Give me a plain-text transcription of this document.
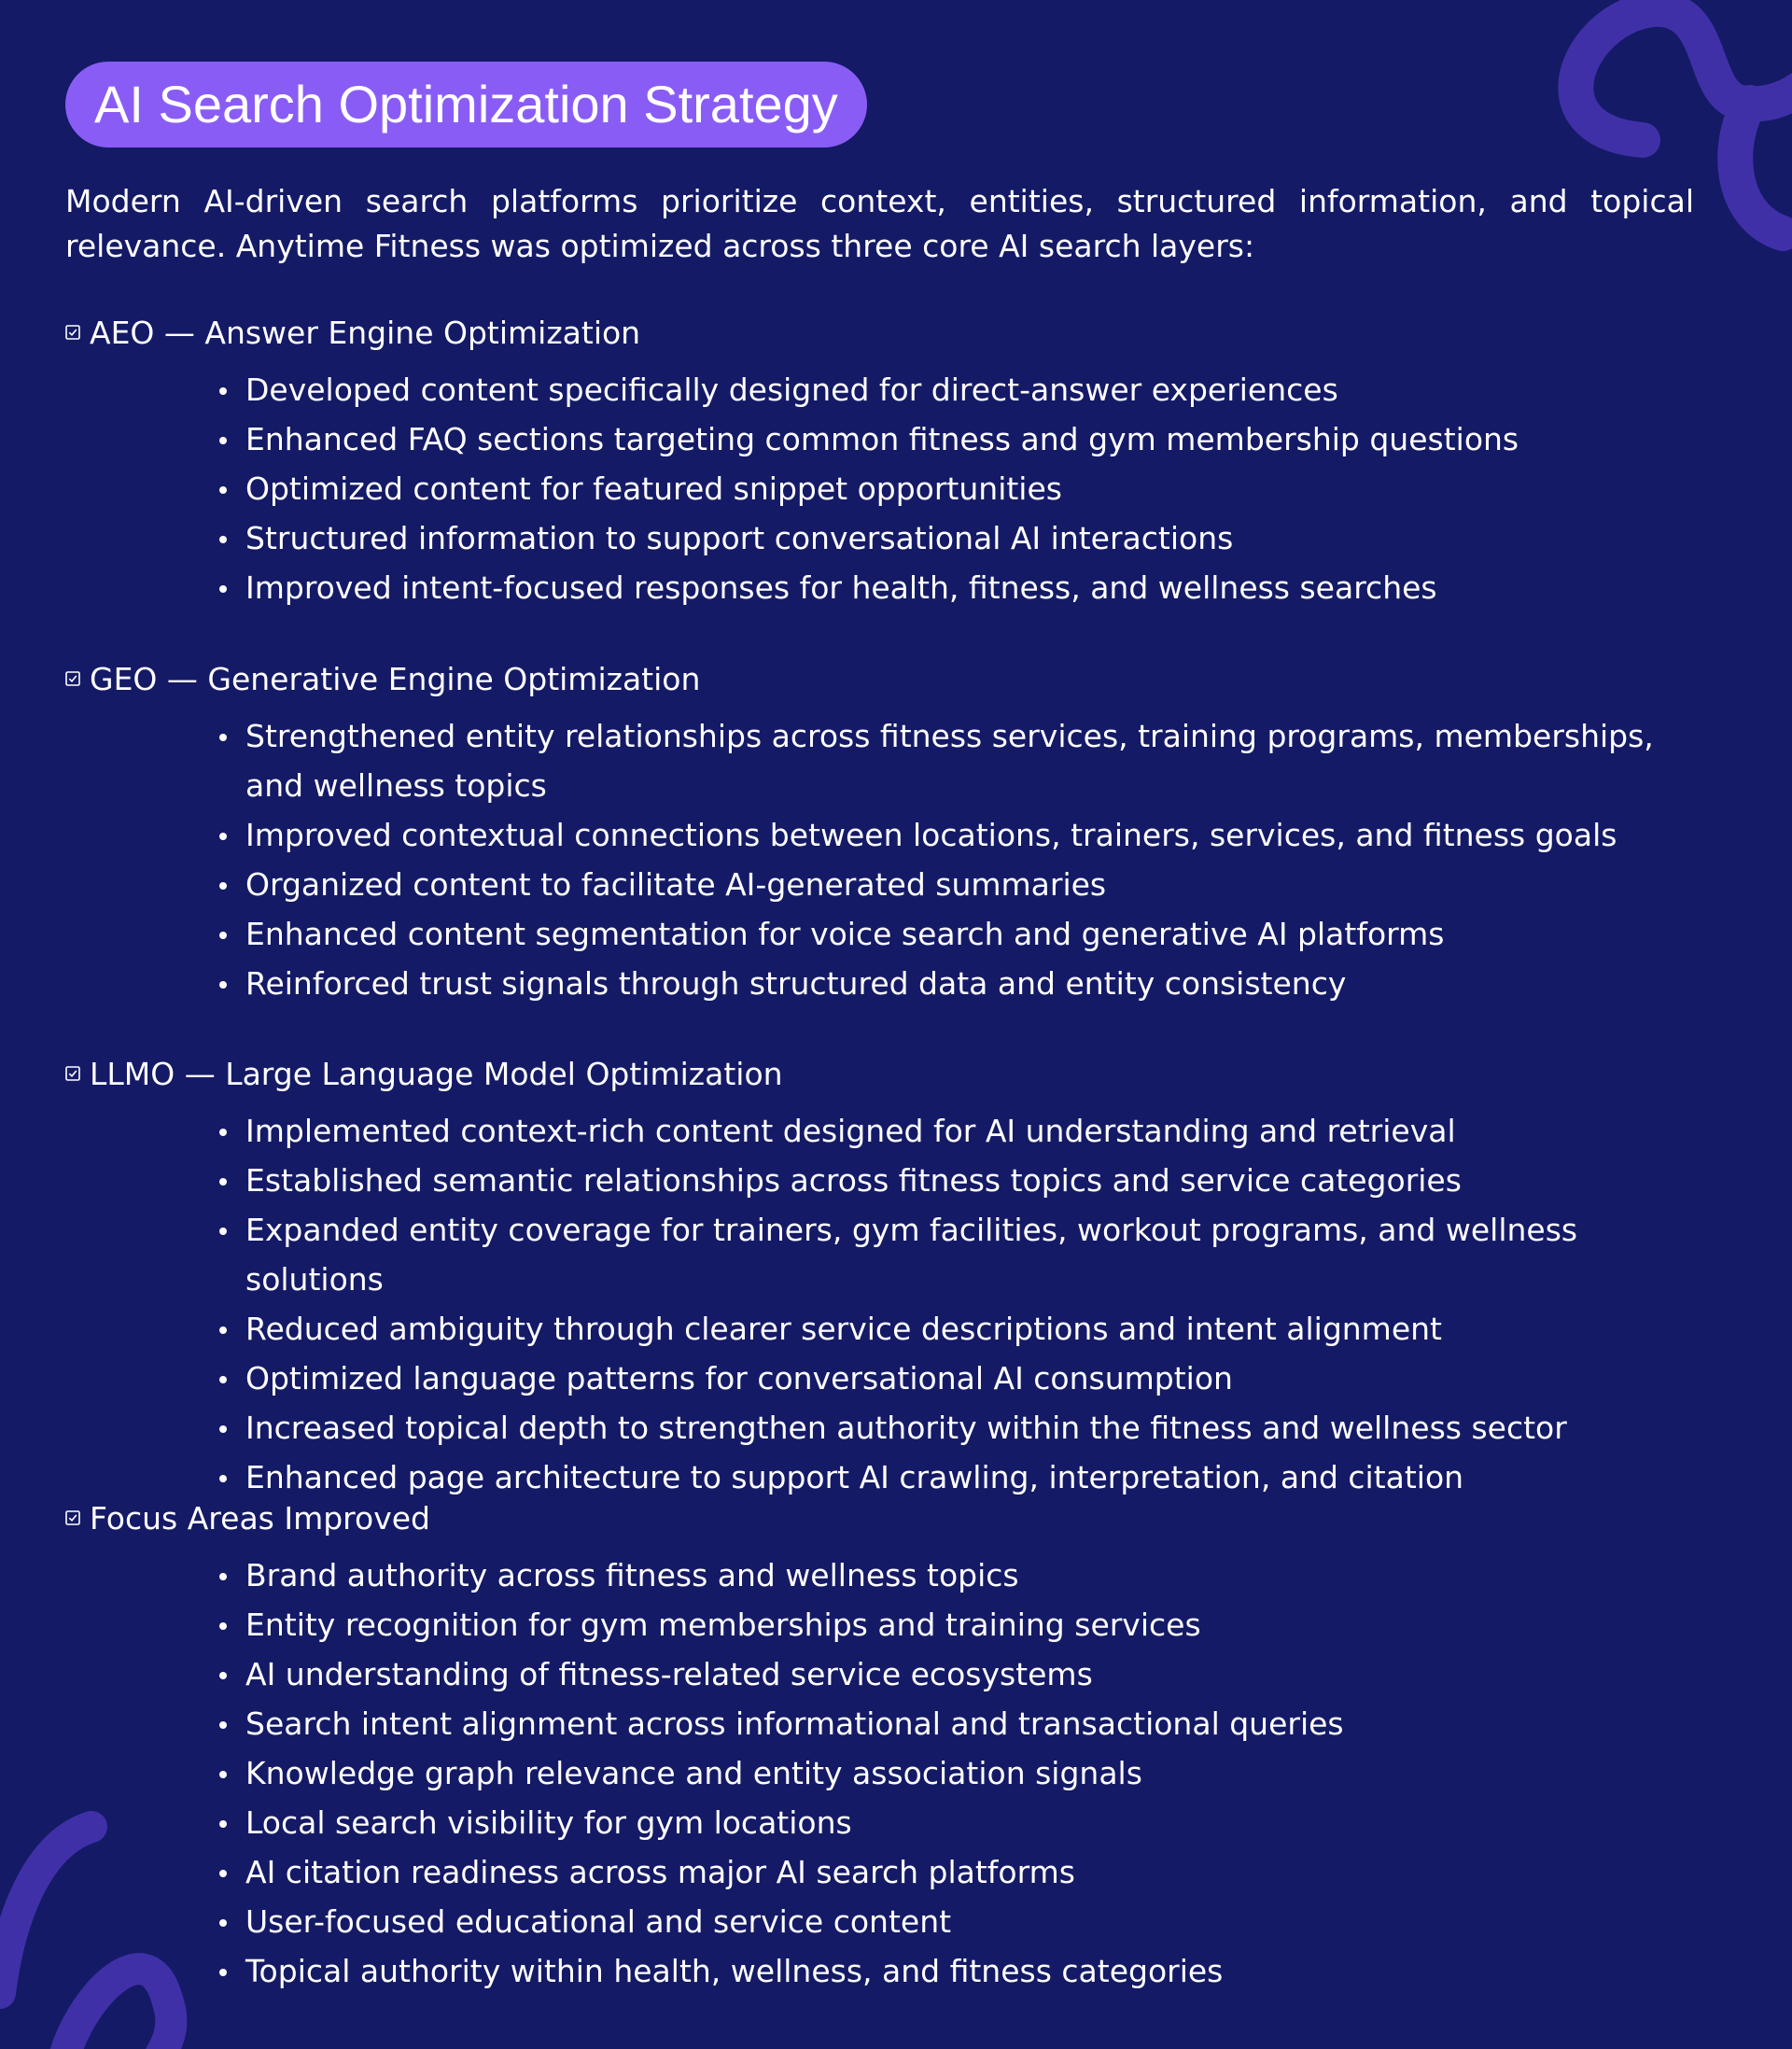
AI Search Optimization Strategy

Modern AI-driven search platforms prioritize context, entities, structured information, and topical relevance. Anytime Fitness was optimized across three core AI search layers:

AEO — Answer Engine Optimization
Developed content specifically designed for direct-answer experiences
Enhanced FAQ sections targeting common fitness and gym membership questions
Optimized content for featured snippet opportunities
Structured information to support conversational AI interactions
Improved intent-focused responses for health, fitness, and wellness searches
GEO — Generative Engine Optimization
Strengthened entity relationships across fitness services, training programs, memberships, and wellness topics
Improved contextual connections between locations, trainers, services, and fitness goals
Organized content to facilitate AI-generated summaries
Enhanced content segmentation for voice search and generative AI platforms
Reinforced trust signals through structured data and entity consistency
LLMO — Large Language Model Optimization
Implemented context-rich content designed for AI understanding and retrieval
Established semantic relationships across fitness topics and service categories
Expanded entity coverage for trainers, gym facilities, workout programs, and wellness solutions
Reduced ambiguity through clearer service descriptions and intent alignment
Optimized language patterns for conversational AI consumption
Increased topical depth to strengthen authority within the fitness and wellness sector
Enhanced page architecture to support AI crawling, interpretation, and citation
Focus Areas Improved
Brand authority across fitness and wellness topics
Entity recognition for gym memberships and training services
AI understanding of fitness-related service ecosystems
Search intent alignment across informational and transactional queries
Knowledge graph relevance and entity association signals
Local search visibility for gym locations
AI citation readiness across major AI search platforms
User-focused educational and service content
Topical authority within health, wellness, and fitness categories
